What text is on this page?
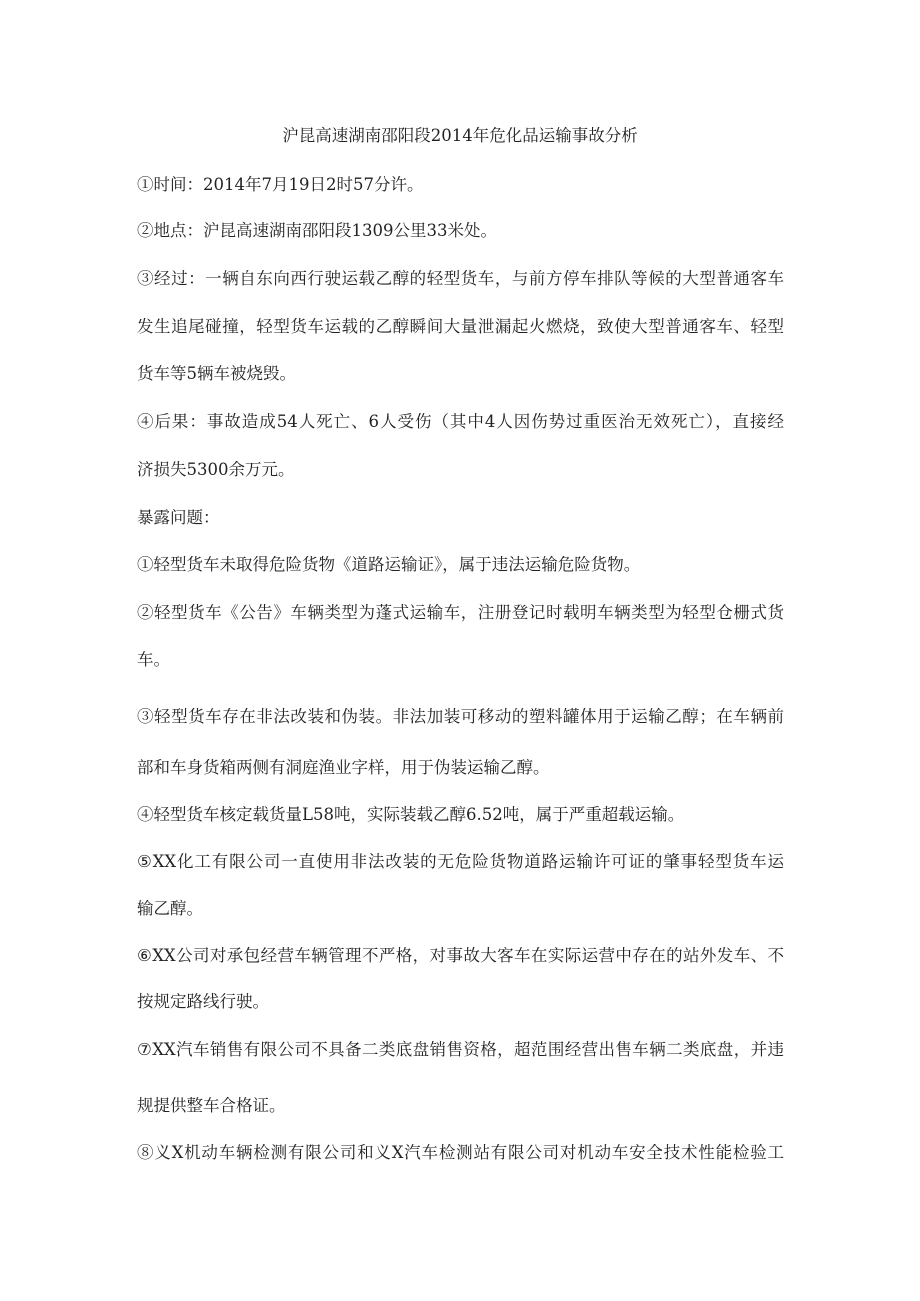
沪昆高速湖南邵阳段2014年危化品运输事故分析
①时间：2014年7月19日2时57分许。
②地点：沪昆高速湖南邵阳段1309公里33米处。
③经过：一辆自东向西行驶运载乙醇的轻型货车，与前方停车排队等候的大型普通客车
发生追尾碰撞，轻型货车运载的乙醇瞬间大量泄漏起火燃烧，致使大型普通客车、轻型
货车等5辆车被烧毁。
④后果：事故造成54人死亡、6人受伤（其中4人因伤势过重医治无效死亡），直接经
济损失5300余万元。
暴露问题：
①轻型货车未取得危险货物《道路运输证》，属于违法运输危险货物。
②轻型货车《公告》车辆类型为蓬式运输车，注册登记时载明车辆类型为轻型仓栅式货
车。
③轻型货车存在非法改装和伪装。非法加装可移动的塑料罐体用于运输乙醇；在车辆前
部和车身货箱两侧有洞庭渔业字样，用于伪装运输乙醇。
④轻型货车核定载货量L58吨，实际装载乙醇6.52吨，属于严重超载运输。
⑤XX化工有限公司一直使用非法改装的无危险货物道路运输许可证的肇事轻型货车运
输乙醇。
⑥XX公司对承包经营车辆管理不严格，对事故大客车在实际运营中存在的站外发车、不
按规定路线行驶。
⑦XX汽车销售有限公司不具备二类底盘销售资格，超范围经营出售车辆二类底盘，并违
规提供整车合格证。
⑧义X机动车辆检测有限公司和义X汽车检测站有限公司对机动车安全技术性能检验工
